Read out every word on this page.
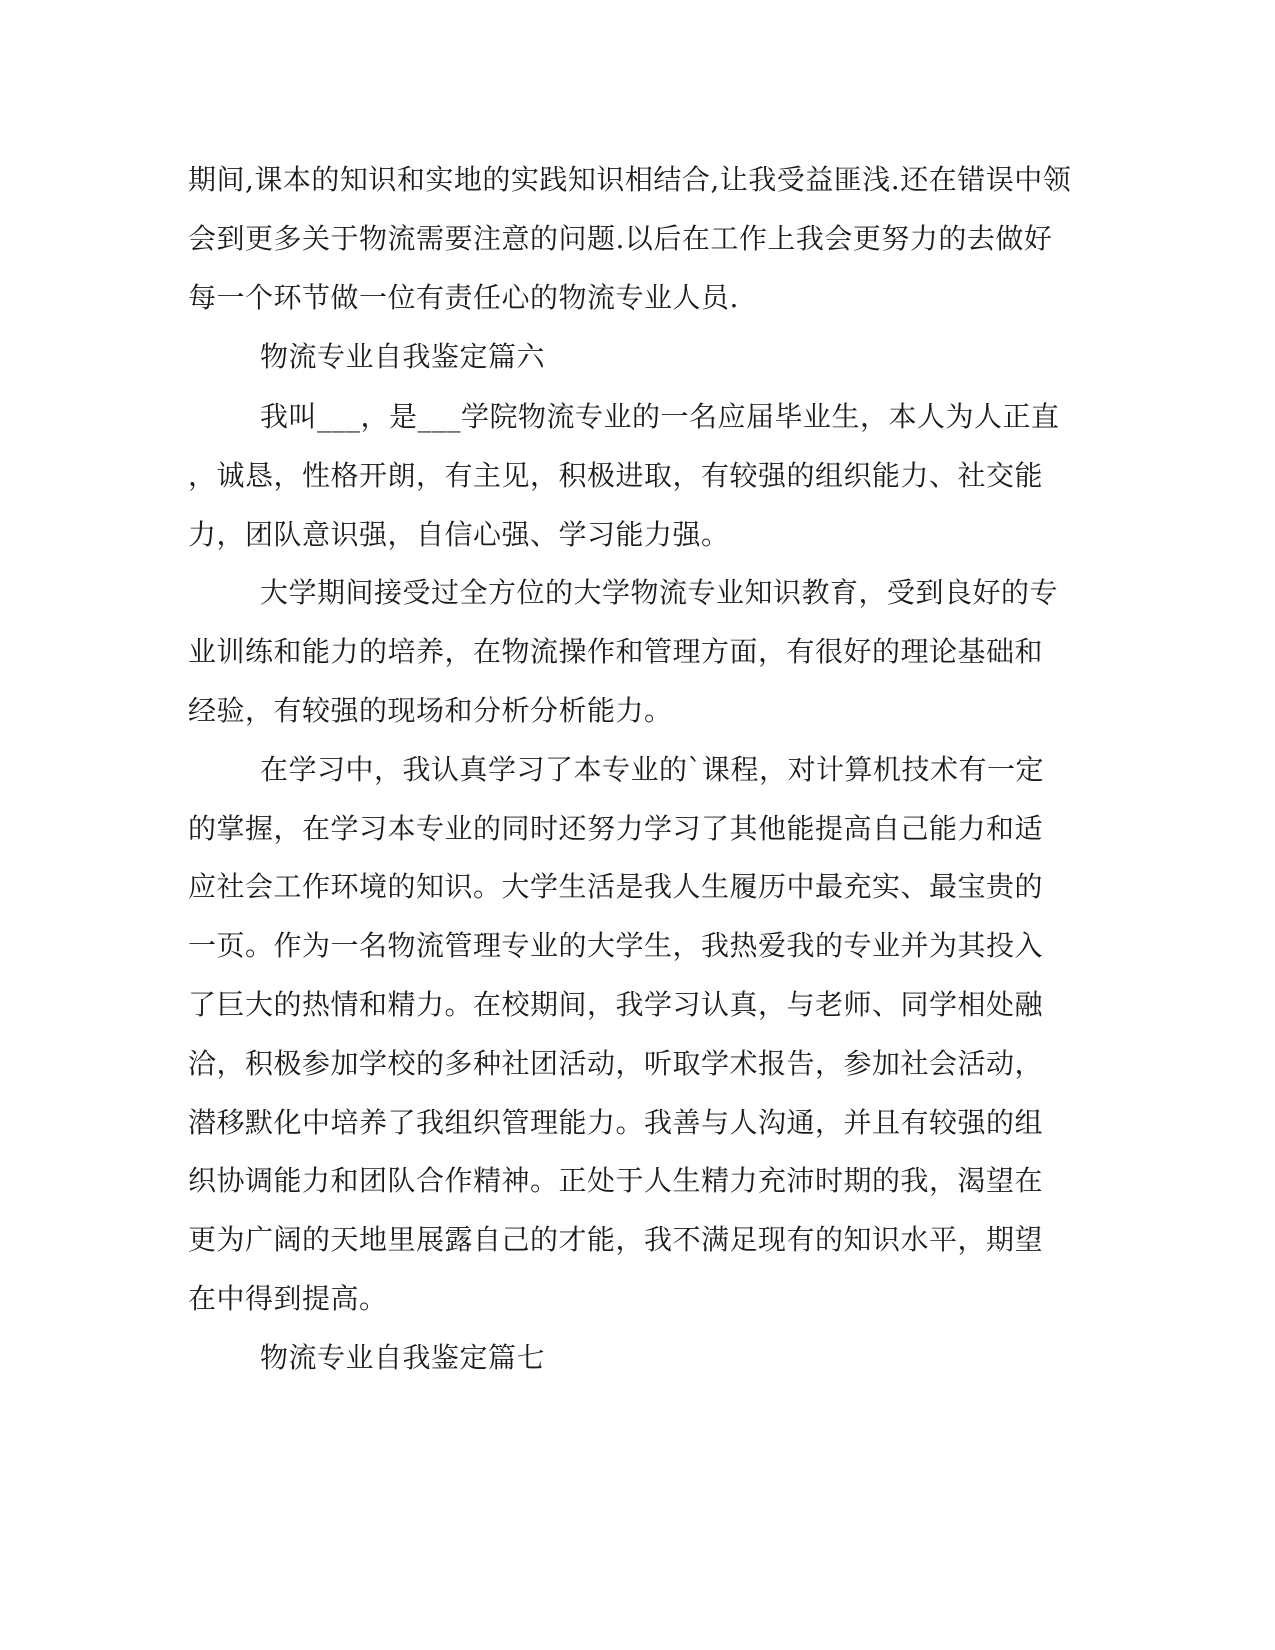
期间,课本的知识和实地的实践知识相结合,让我受益匪浅.还在错误中领
会到更多关于物流需要注意的问题.以后在工作上我会更努力的去做好
每一个环节做一位有责任心的物流专业人员.
物流专业自我鉴定篇六
我叫___，是___学院物流专业的一名应届毕业生，本人为人正直
，诚恳，性格开朗，有主见，积极进取，有较强的组织能力、社交能
力，团队意识强，自信心强、学习能力强。
大学期间接受过全方位的大学物流专业知识教育，受到良好的专
业训练和能力的培养，在物流操作和管理方面，有很好的理论基础和
经验，有较强的现场和分析分析能力。
在学习中，我认真学习了本专业的`课程，对计算机技术有一定
的掌握，在学习本专业的同时还努力学习了其他能提高自己能力和适
应社会工作环境的知识。大学生活是我人生履历中最充实、最宝贵的
一页。作为一名物流管理专业的大学生，我热爱我的专业并为其投入
了巨大的热情和精力。在校期间，我学习认真，与老师、同学相处融
洽，积极参加学校的多种社团活动，听取学术报告，参加社会活动，
潜移默化中培养了我组织管理能力。我善与人沟通，并且有较强的组
织协调能力和团队合作精神。正处于人生精力充沛时期的我，渴望在
更为广阔的天地里展露自己的才能，我不满足现有的知识水平，期望
在中得到提高。
物流专业自我鉴定篇七
